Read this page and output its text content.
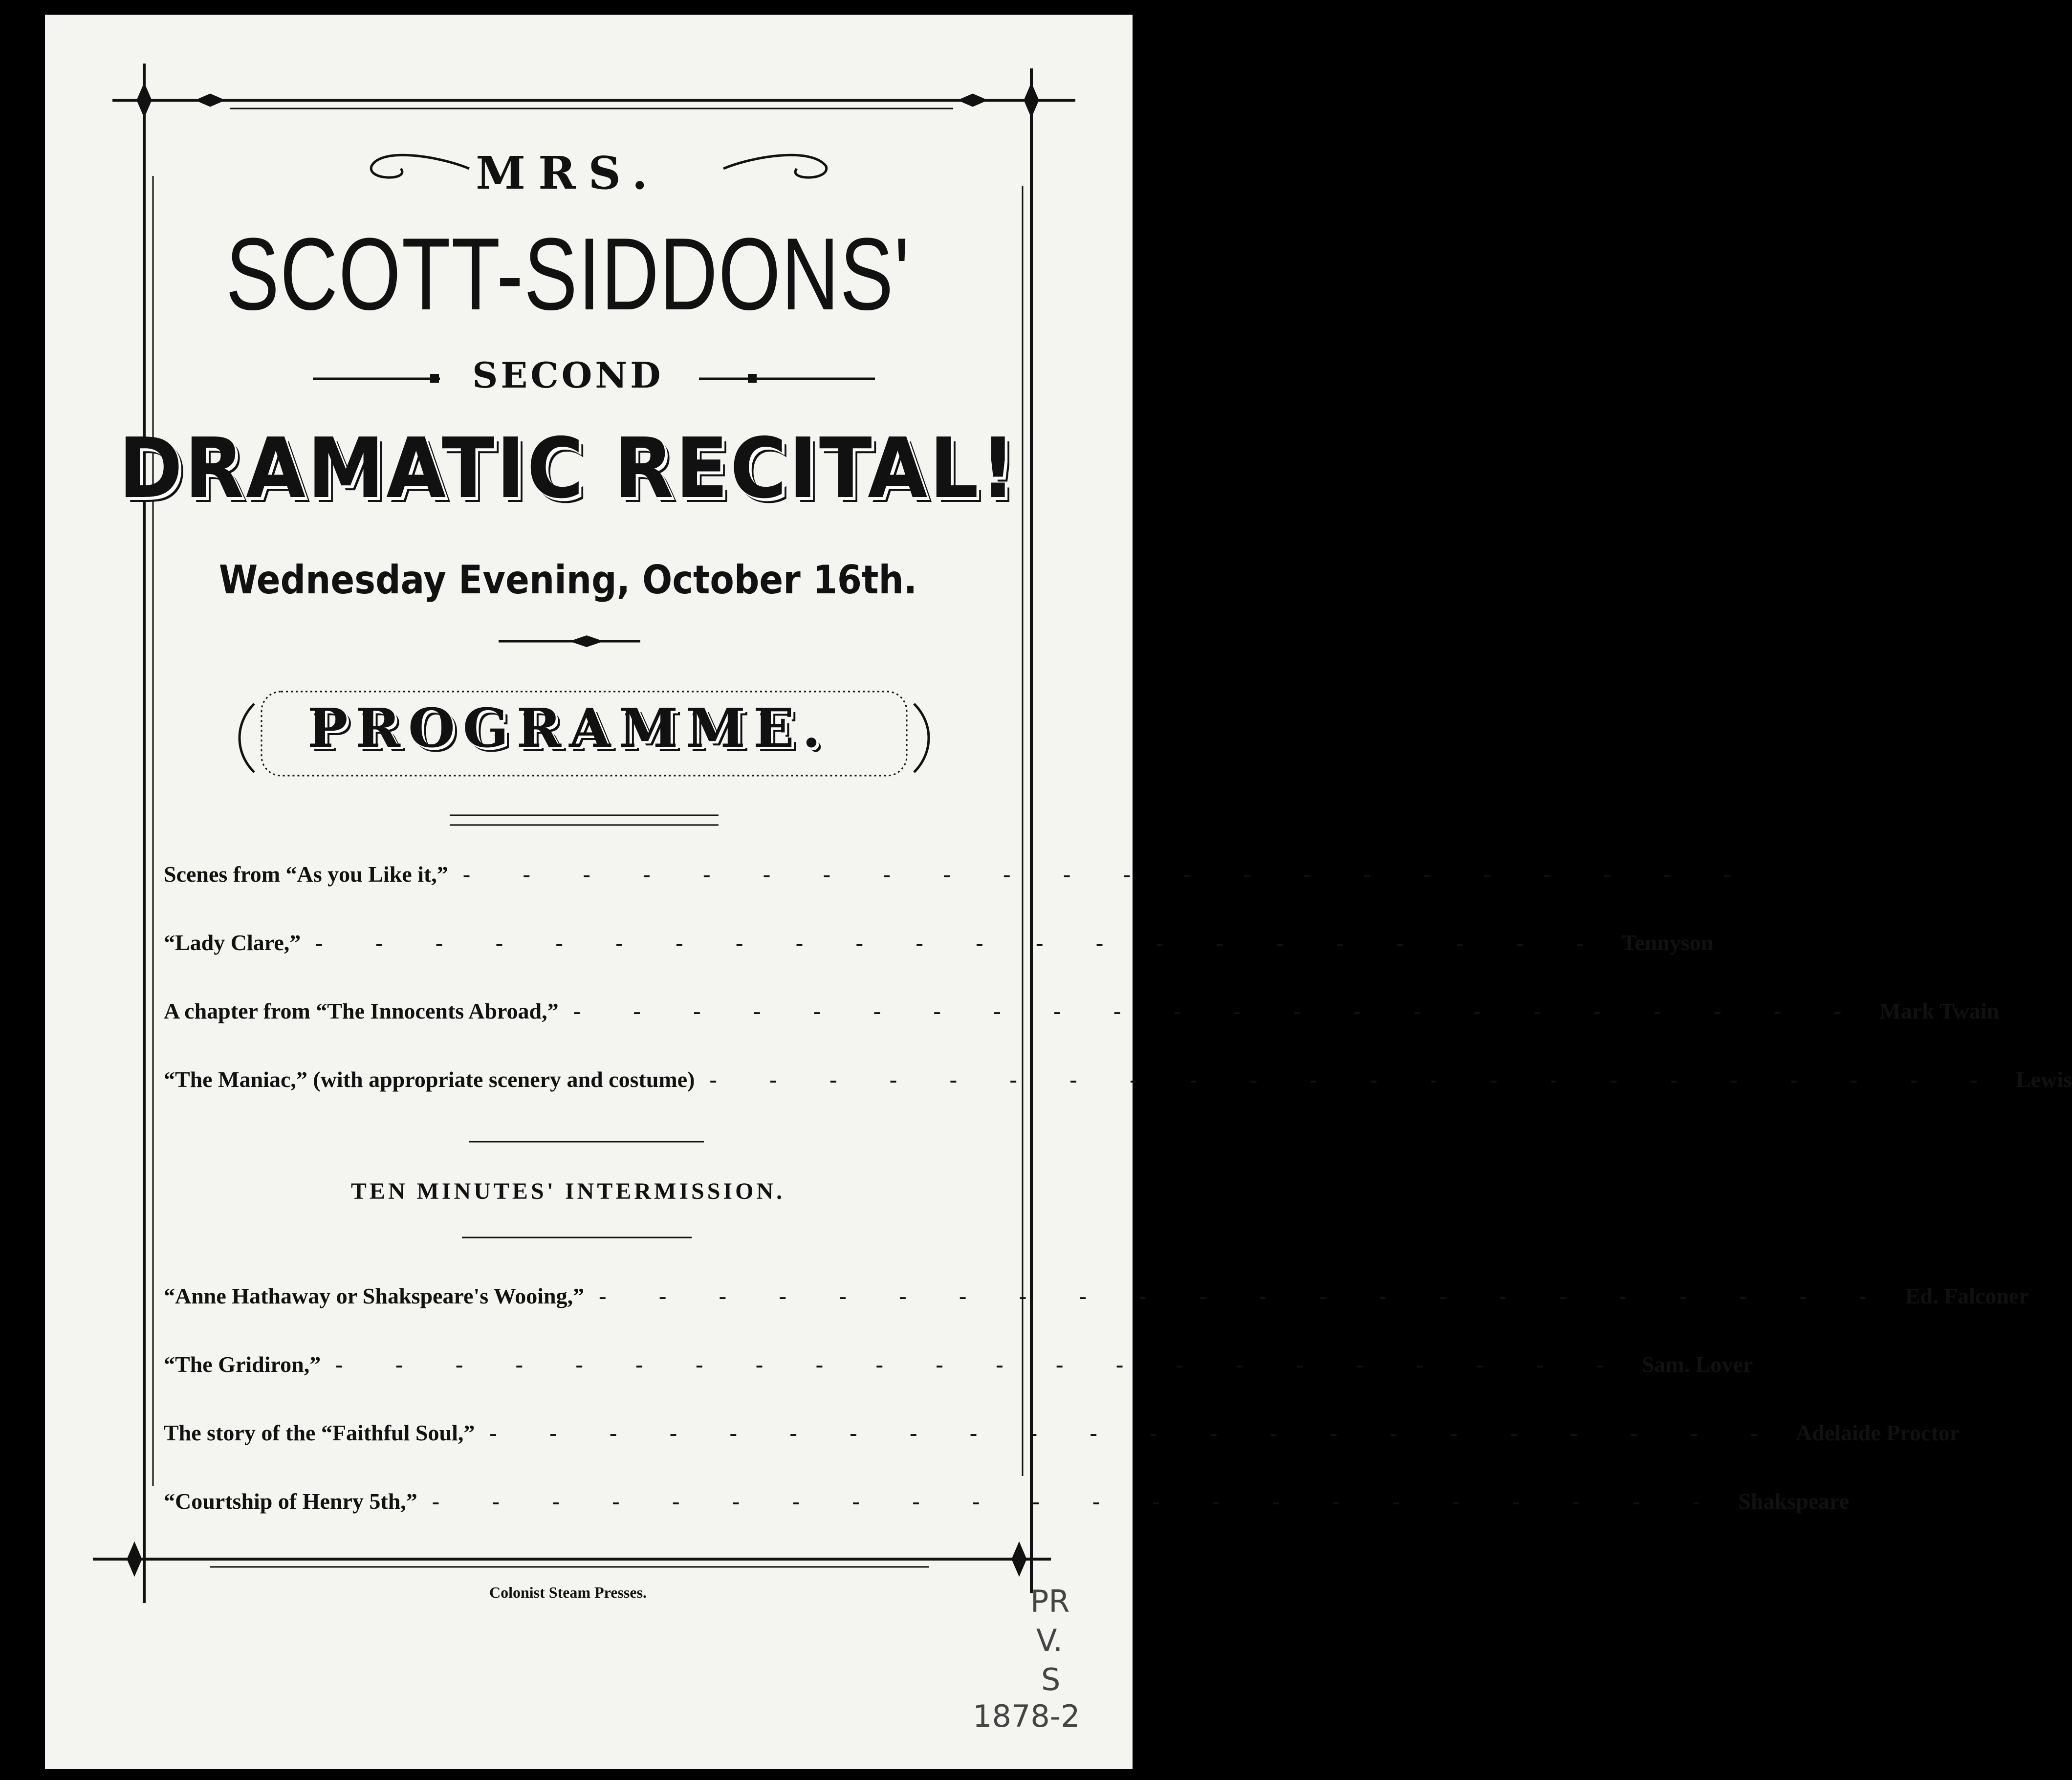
MRS.
SCOTT-SIDDONS'
SECOND
DRAMATIC RECITAL!
Wednesday Evening, October 16th.
PROGRAMME.
Scenes from “As you Like it,” - - - - - - - - - - - - - - - - - - - - - -
“Lady Clare,” - - - - - - - - - - - - - - - - - - - - - - Tennyson
A chapter from “The Innocents Abroad,” - - - - - - - - - - - - - - - - - - - - - - Mark Twain
“The Maniac,” (with appropriate scenery and costume) - - - - - - - - - - - - - - - - - - - - - - Lewis
TEN MINUTES' INTERMISSION.
“Anne Hathaway or Shakspeare's Wooing,” - - - - - - - - - - - - - - - - - - - - - - Ed. Falconer
“The Gridiron,” - - - - - - - - - - - - - - - - - - - - - - Sam. Lover
The story of the “Faithful Soul,” - - - - - - - - - - - - - - - - - - - - - - Adelaide Proctor
“Courtship of Henry 5th,” - - - - - - - - - - - - - - - - - - - - - - Shakspeare
Colonist Steam Presses.	PR
V.
S
1878-2
